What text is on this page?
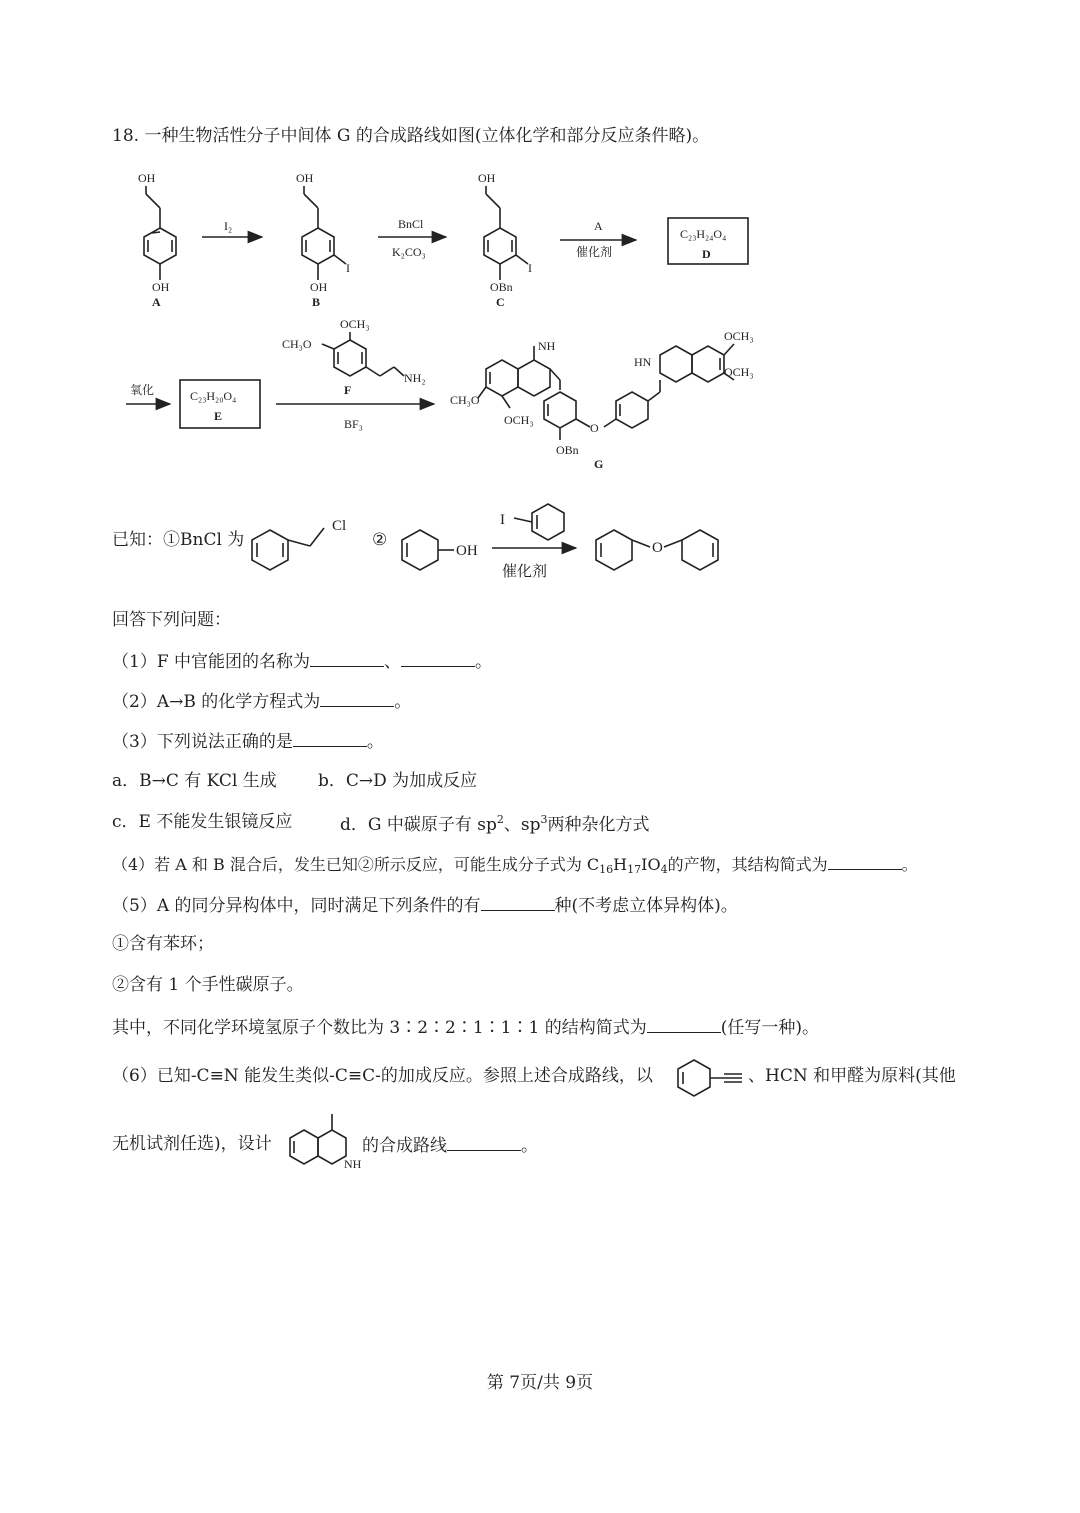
OH
OH
A
I₂
OH
OH
I
B
BnCl
K₂CO₃
OH
OBn
I
C
A
催化剂
C₂₃H₂₄O₄
D
氧化	C₂₃H₂₀O₄
E
OCH₃
CH₃O
NH₂
F
BF₃
NH
CH₃O
OCH₃
O
OBn
G
HN
OCH₃
OCH₃
Cl
OH
I
O
催化剂
NH
18. 一种生物活性分子中间体 G 的合成路线如图(立体化学和部分反应条件略)。
已知：①BnCl 为	②
回答下列问题：
（1）F 中官能团的名称为	、	。
（2）A→B 的化学方程式为	。
（3）下列说法正确的是	。
a．B→C 有 KCl 生成 b．C→D 为加成反应
c．E 不能发生银镜反应	d．G 中碳原子有 $sp^2$、$sp^3$两种杂化方式
（4）若 A 和 B 混合后，发生已知②所示反应，可能生成分子式为 $C_{16}H_{17}IO_4$的产物，其结构简式为	。
（5）A 的同分异构体中，同时满足下列条件的有	种(不考虑立体异构体)。
①含有苯环；
②含有 1 个手性碳原子。
其中，不同化学环境氢原子个数比为 3∶2∶2∶1∶1∶1 的结构简式为	(任写一种)。
（6）已知-C≡N 能发生类似-C≡C-的加成反应。参照上述合成路线，以	、HCN 和甲醛为原料(其他
无机试剂任选)，设计	的合成路线	。
第 7页/共 9页
